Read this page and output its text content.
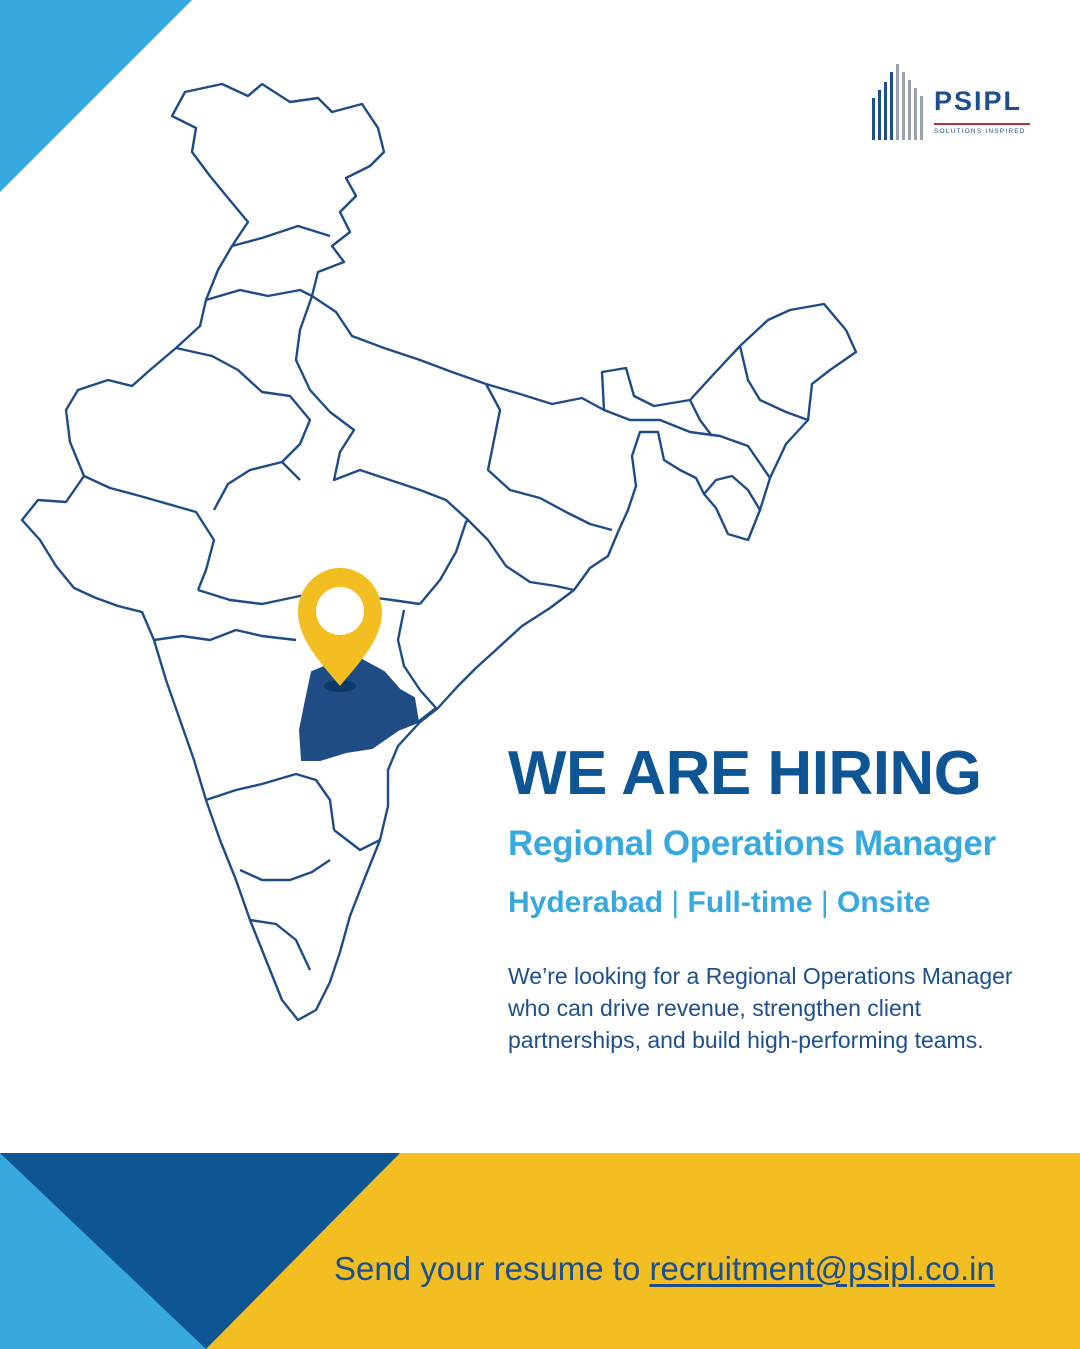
PSIPL
SOLUTIONS INSPIRED
WE ARE HIRING
Regional Operations Manager
Hyderabad | Full-time | Onsite

We’re looking for a Regional Operations Manager who can drive revenue, strengthen client partnerships, and build high-performing teams.

Send your resume to recruitment@psipl.co.in
